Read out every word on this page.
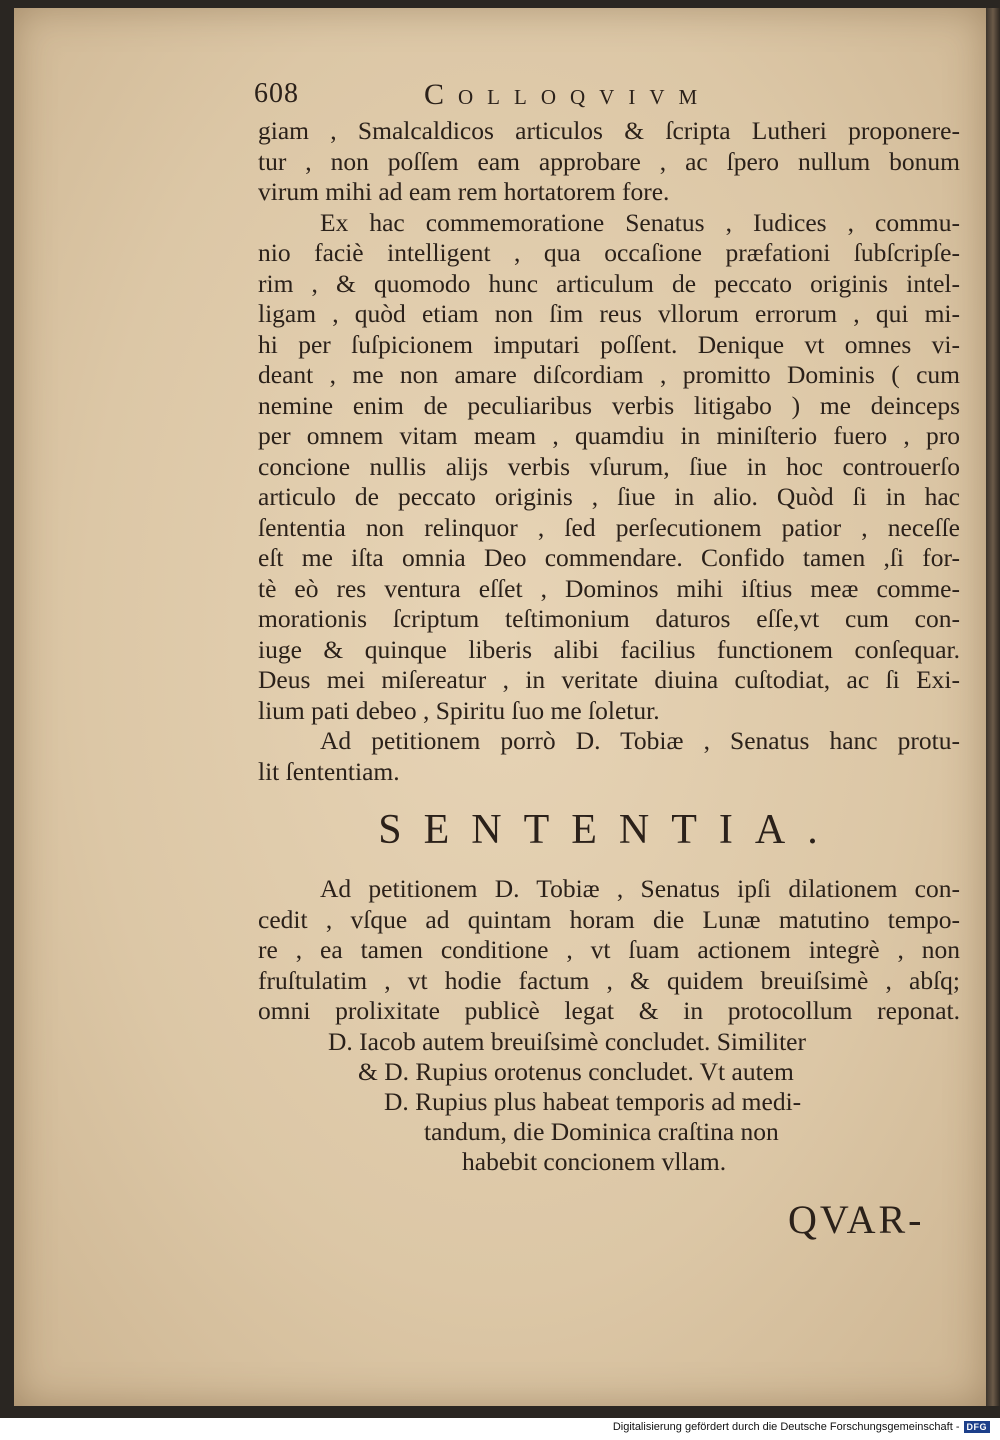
608	Colloqvivm
giam , Smalcaldicos articulos & ſcripta Lutheri proponere-
tur , non poſſem eam approbare , ac ſpero nullum bonum
virum mihi ad eam rem hortatorem fore.
Ex hac commemoratione Senatus , Iudices , commu-
nio faciè intelligent , qua occaſione præfationi ſubſcripſe-
rim , & quomodo hunc articulum de peccato originis intel-
ligam , quòd etiam non ſim reus vllorum errorum , qui mi-
hi per ſuſpicionem imputari poſſent. Denique vt omnes vi-
deant , me non amare diſcordiam , promitto Dominis ( cum
nemine enim de peculiaribus verbis litigabo ) me deinceps
per omnem vitam meam , quamdiu in miniſterio fuero , pro
concione nullis alijs verbis vſurum, ſiue in hoc controuerſo
articulo de peccato originis , ſiue in alio. Quòd ſi in hac
ſententia non relinquor , ſed perſecutionem patior , neceſſe
eſt me iſta omnia Deo commendare. Confido tamen ,ſi for-
tè eò res ventura eſſet , Dominos mihi iſtius meæ comme-
morationis ſcriptum teſtimonium daturos eſſe,vt cum con-
iuge & quinque liberis alibi facilius functionem conſequar.
Deus mei miſereatur , in veritate diuina cuſtodiat, ac ſi Exi-
lium pati debeo , Spiritu ſuo me ſoletur.
Ad petitionem porrò D. Tobiæ , Senatus hanc protu-
lit ſententiam.
SENTENTIA.
Ad petitionem D. Tobiæ , Senatus ipſi dilationem con-
cedit , vſque ad quintam horam die Lunæ matutino tempo-
re , ea tamen conditione , vt ſuam actionem integrè , non
fruſtulatim , vt hodie factum , & quidem breuiſsimè , abſq;
omni prolixitate publicè legat & in protocollum reponat.
D. Iacob autem breuiſsimè concludet. Similiter
& D. Rupius orotenus concludet. Vt autem
D. Rupius plus habeat temporis ad medi-
tandum, die Dominica craſtina non
habebit concionem vllam.
QVAR-
Digitalisierung gefördert durch die Deutsche Forschungsgemeinschaft - DFG
